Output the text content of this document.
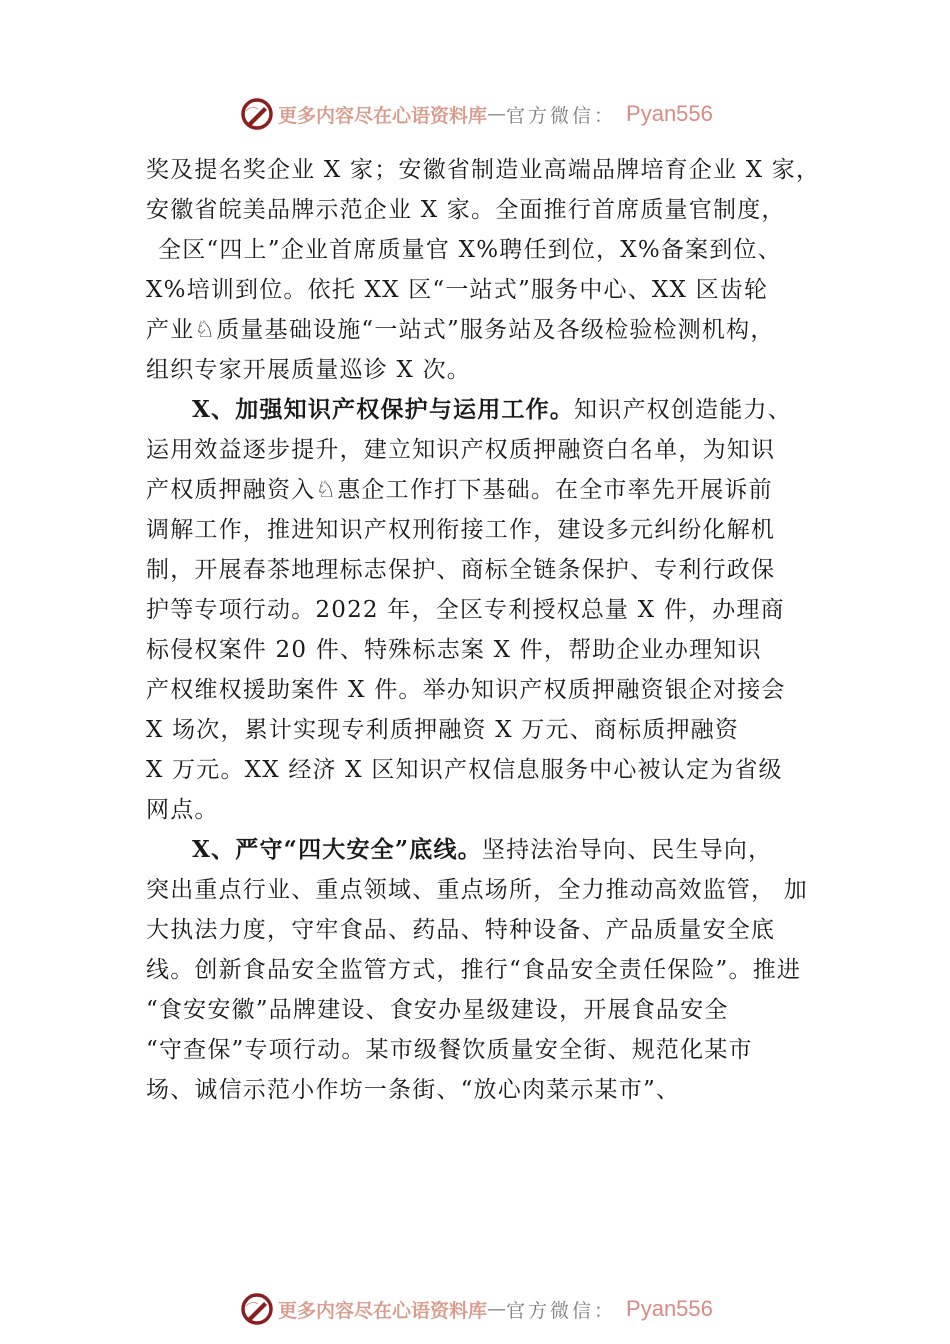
更多内容尽在心语资料库 — 官方微信： Pyan556
奖及提名奖企业 X 家；安徽省制造业高端品牌培育企业 X 家，
安徽省皖美品牌示范企业 X 家。全面推行首席质量官制度，
全区“四上”企业首席质量官 X%聘任到位，X%备案到位、
X%培训到位。依托 XX 区“一站式”服务中心、XX 区齿轮
产业♘质量基础设施“一站式”服务站及各级检验检测机构，
组织专家开展质量巡诊 X 次。
X、加强知识产权保护与运用工作。知识产权创造能力、
运用效益逐步提升，建立知识产权质押融资白名单，为知识
产权质押融资入♘惠企工作打下基础。在全市率先开展诉前
调解工作，推进知识产权刑衔接工作，建设多元纠纷化解机
制，开展春茶地理标志保护、商标全链条保护、专利行政保
护等专项行动。2022 年，全区专利授权总量 X 件，办理商
标侵权案件 20 件、特殊标志案 X 件，帮助企业办理知识
产权维权援助案件 X 件。举办知识产权质押融资银企对接会
X 场次，累计实现专利质押融资 X 万元、商标质押融资
X 万元。XX 经济 X 区知识产权信息服务中心被认定为省级
网点。
X、严守“四大安全”底线。坚持法治导向、民生导向，
突出重点行业、重点领域、重点场所，全力推动高效监管， 加
大执法力度，守牢食品、药品、特种设备、产品质量安全底
线。创新食品安全监管方式，推行“食品安全责任保险”。推进
“食安安徽”品牌建设、食安办星级建设，开展食品安全
“守查保”专项行动。某市级餐饮质量安全街、规范化某市
场、诚信示范小作坊一条街、“放心肉菜示某市”、
更多内容尽在心语资料库 — 官方微信： Pyan556
